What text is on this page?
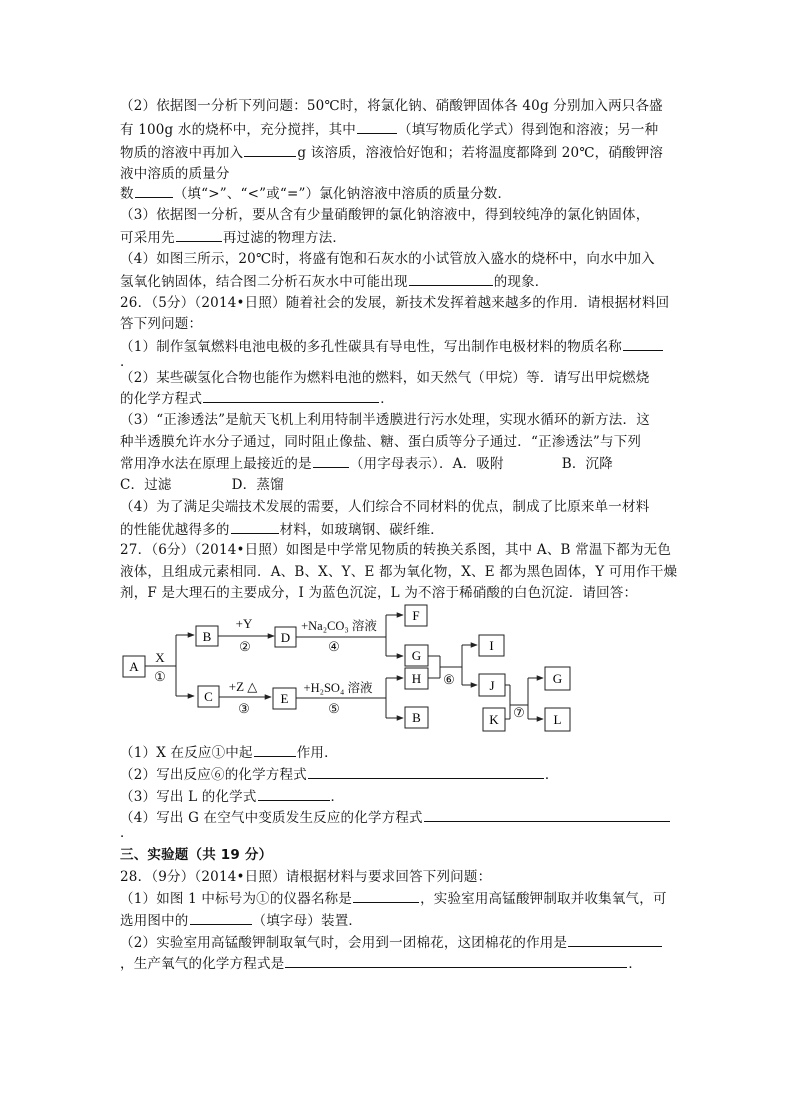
（2）依据图一分析下列问题：50℃时，将氯化钠、硝酸钾固体各 40g 分别加入两只各盛
有 100g 水的烧杯中，充分搅拌，其中	（填写物质化学式）得到饱和溶液；另一种
物质的溶液中再加入	g 该溶质，溶液恰好饱和；若将温度都降到 20℃，硝酸钾溶
液中溶质的质量分
数	（填“>”、“<”或“=”）氯化钠溶液中溶质的质量分数．
（3）依据图一分析，要从含有少量硝酸钾的氯化钠溶液中，得到较纯净的氯化钠固体，
可采用先	再过滤的物理方法．
（4）如图三所示，20℃时，将盛有饱和石灰水的小试管放入盛水的烧杯中，向水中加入
氢氧化钠固体，结合图二分析石灰水中可能出现	的现象．
26．（5分）（2014•日照）随着社会的发展，新技术发挥着越来越多的作用．请根据材料回
答下列问题：
（1）制作氢氧燃料电池电极的多孔性碳具有导电性，写出制作电极材料的物质名称
．
（2）某些碳氢化合物也能作为燃料电池的燃料，如天然气（甲烷）等．请写出甲烷燃烧
的化学方程式	．
（3）“正渗透法”是航天飞机上利用特制半透膜进行污水处理，实现水循环的新方法．这
种半透膜允许水分子通过，同时阻止像盐、糖、蛋白质等分子通过．“正渗透法”与下列
常用净水法在原理上最接近的是	（用字母表示）．A．吸附	B．沉降
C．过滤	D．蒸馏
（4）为了满足尖端技术发展的需要，人们综合不同材料的优点，制成了比原来单一材料
的性能优越得多的	材料，如玻璃钢、碳纤维．
27．（6分）（2014•日照）如图是中学常见物质的转换关系图，其中 A、B 常温下都为无色
液体，且组成元素相同．A、B、X、Y、E 都为氧化物，X、E 都为黑色固体，Y 可用作干燥
剂，F 是大理石的主要成分，I 为蓝色沉淀，L 为不溶于稀硝酸的白色沉淀．请回答：
A
B
C
D
E
F
G
H
B
I
J
K
G
L
X
①
+Y
②
+Z △
③
+Na₂CO₃ 溶液
④
+H₂SO₄ 溶液
⑤
⑥
⑦
（1）X 在反应①中起	作用．
（2）写出反应⑥的化学方程式	．
（3）写出 L 的化学式	．
（4）写出 G 在空气中变质发生反应的化学方程式
．
三、实验题（共 19 分）
28．（9分）（2014•日照）请根据材料与要求回答下列问题：
（1）如图 1 中标号为①的仪器名称是	，实验室用高锰酸钾制取并收集氧气，可
选用图中的	（填字母）装置．
（2）实验室用高锰酸钾制取氧气时，会用到一团棉花，这团棉花的作用是
，生产氧气的化学方程式是	．
